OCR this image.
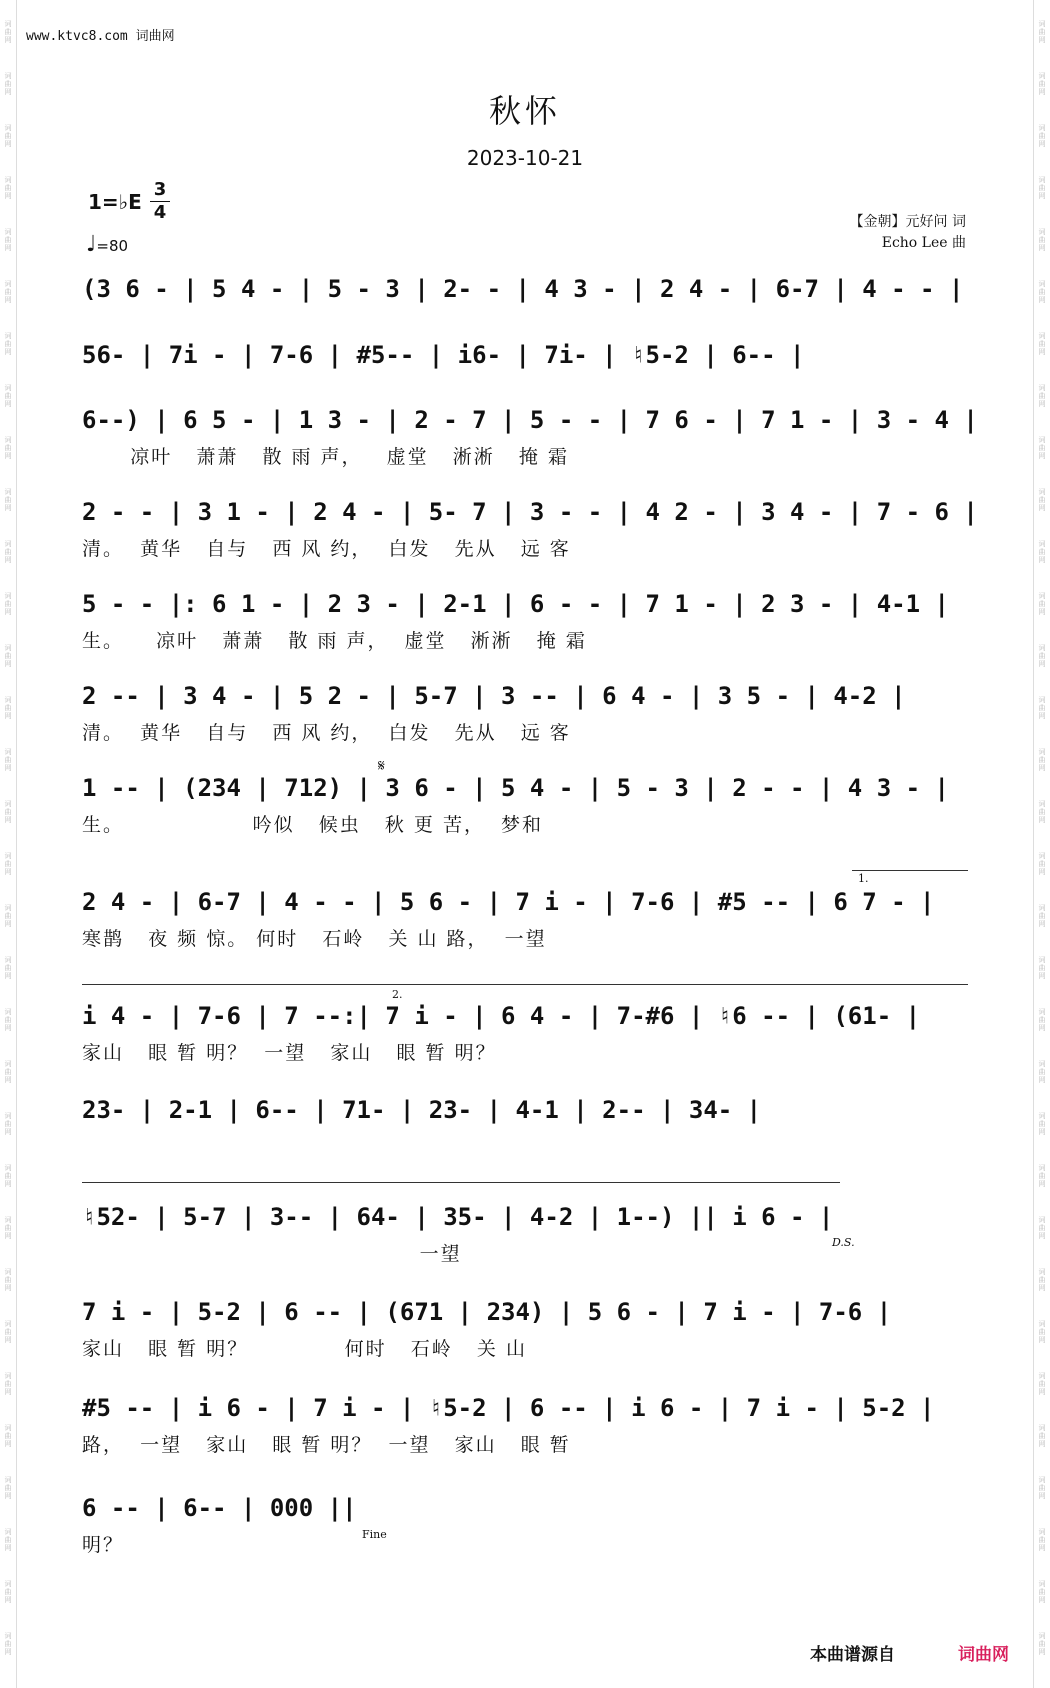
词曲网
词曲网
词曲网
词曲网
词曲网
词曲网
词曲网
词曲网
词曲网
词曲网
词曲网
词曲网
词曲网
词曲网
词曲网
词曲网
词曲网
词曲网
词曲网
词曲网
词曲网
词曲网
词曲网
词曲网
词曲网
词曲网
词曲网
词曲网
词曲网
词曲网
词曲网
词曲网
词曲网
词曲网
词曲网
词曲网
词曲网
词曲网
词曲网
词曲网
词曲网
词曲网
词曲网
词曲网
词曲网
词曲网
词曲网
词曲网
词曲网
词曲网
词曲网
词曲网
词曲网
词曲网
词曲网
词曲网
词曲网
词曲网
词曲网
词曲网
词曲网
词曲网
词曲网
词曲网
www.ktvc8.com 词曲网
秋怀
2023-10-21
1=♭E
3
4
♩=80
【金朝】元好问 词
Echo Lee 曲
(3 6 - | 5 4 - | 5 - 3 | 2- - | 4 3 - | 2 4 - | 6-7 | 4 - - |
56- | 7i - | 7-6 | #5-- | i6- | 7i- | ♮5-2 | 6-- |
6--) | 6 5 - | 1 3 - | 2 - 7 | 5 - - | 7 6 - | 7 1 - | 3 - 4 |
凉叶   萧萧   散 雨 声，   虚堂   淅淅   掩 霜
2 - - | 3 1 - | 2 4 - | 5- 7 | 3 - - | 4 2 - | 3 4 - | 7 - 6 |
清。  黄华   自与   西 风 约，  白发   先从   远 客
5 - - |: 6 1 - | 2 3 - | 2-1 | 6 - - | 7 1 - | 2 3 - | 4-1 |
生。    凉叶   萧萧   散 雨 声，  虚堂   淅淅   掩 霜
2 -- | 3 4 - | 5 2 - | 5-7 | 3 -- | 6 4 - | 3 5 - | 4-2 |
清。  黄华   自与   西 风 约，  白发   先从   远 客
1 -- | (234 | 712) | 3 6 - | 5 4 - | 5 - 3 | 2 - - | 4 3 - |
生。                吟似   候虫   秋 更 苦，  梦和
2 4 - | 6-7 | 4 - - | 5 6 - | 7 i - | 7-6 | #5 -- | 6 7 - |
寒鹊   夜 频 惊。 何时   石岭   关 山 路，  一望
i 4 - | 7-6 | 7 --:| 7 i - | 6 4 - | 7-#6 | ♮6 -- | (61- |
家山   眼 暂 明？  一望   家山   眼 暂 明？
23- | 2-1 | 6-- | 71- | 23- | 4-1 | 2-- | 34- |
♮52- | 5-7 | 3-- | 64- | 35- | 4-2 | 1--) || i 6 - |
一望
7 i - | 5-2 | 6 -- | (671 | 234) | 5 6 - | 7 i - | 7-6 |
家山   眼 暂 明？            何时   石岭   关 山
#5 -- | i 6 - | 7 i - | ♮5-2 | 6 -- | i 6 - | 7 i - | 5-2 |
路，  一望   家山   眼 暂 明？  一望   家山   眼 暂
6 -- | 6-- | 000 ||
明？
𝄋
1.
2.
D.S.
Fine
本曲谱源自	词曲网
